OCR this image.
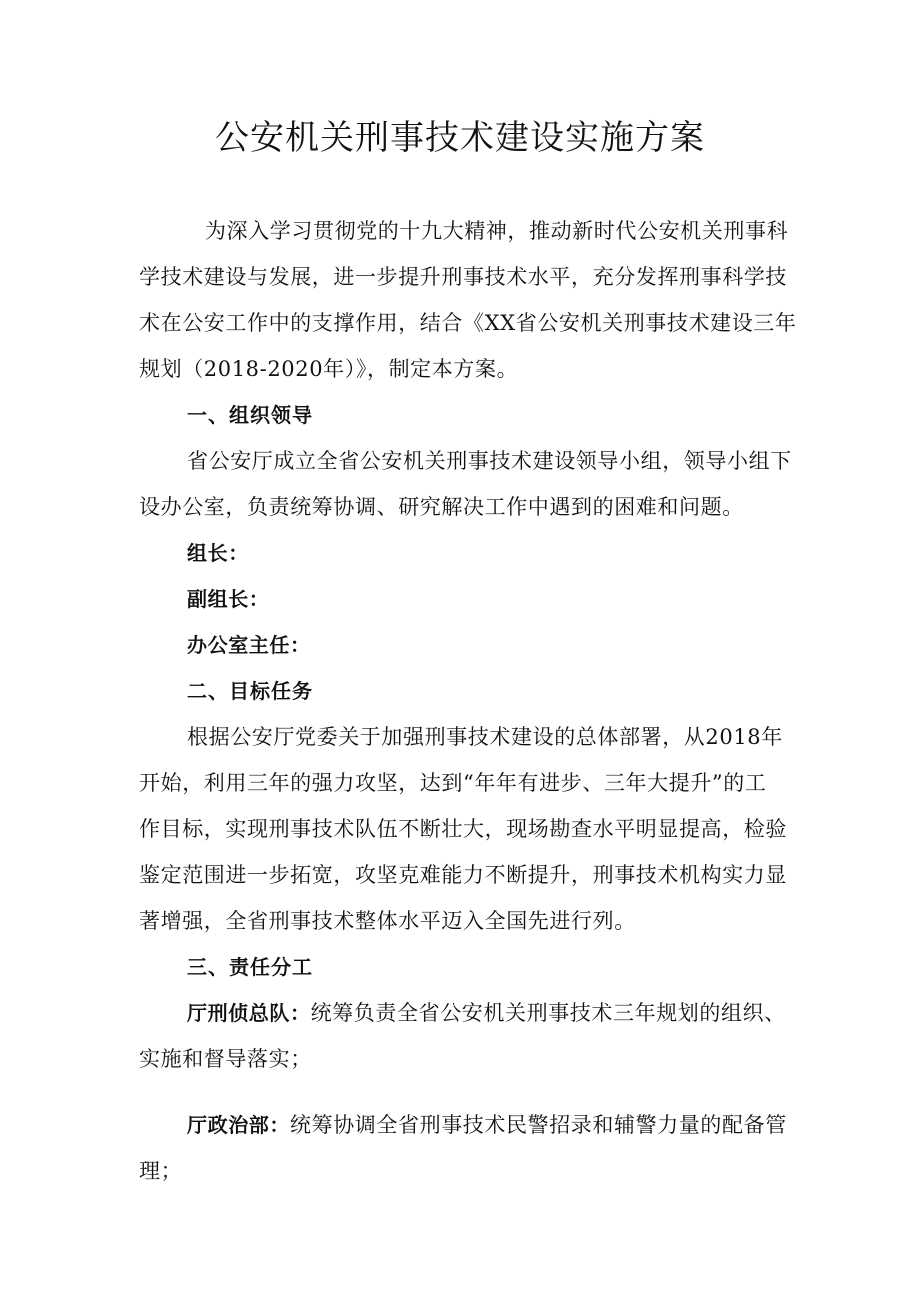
公安机关刑事技术建设实施方案
为深入学习贯彻党的十九大精神，推动新时代公安机关刑事科
学技术建设与发展，进一步提升刑事技术水平，充分发挥刑事科学技
术在公安工作中的支撑作用，结合《XX省公安机关刑事技术建设三年
规划（2018-2020年）》，制定本方案。
一、组织领导
省公安厅成立全省公安机关刑事技术建设领导小组，领导小组下
设办公室，负责统筹协调、研究解决工作中遇到的困难和问题。
组长：
副组长：
办公室主任：
二、目标任务
根据公安厅党委关于加强刑事技术建设的总体部署，从2018年
开始，利用三年的强力攻坚，达到“年年有进步、三年大提升”的工
作目标，实现刑事技术队伍不断壮大，现场勘查水平明显提高，检验
鉴定范围进一步拓宽，攻坚克难能力不断提升，刑事技术机构实力显
著增强，全省刑事技术整体水平迈入全国先进行列。
三、责任分工
厅刑侦总队：统筹负责全省公安机关刑事技术三年规划的组织、
实施和督导落实；
厅政治部：统筹协调全省刑事技术民警招录和辅警力量的配备管
理；
